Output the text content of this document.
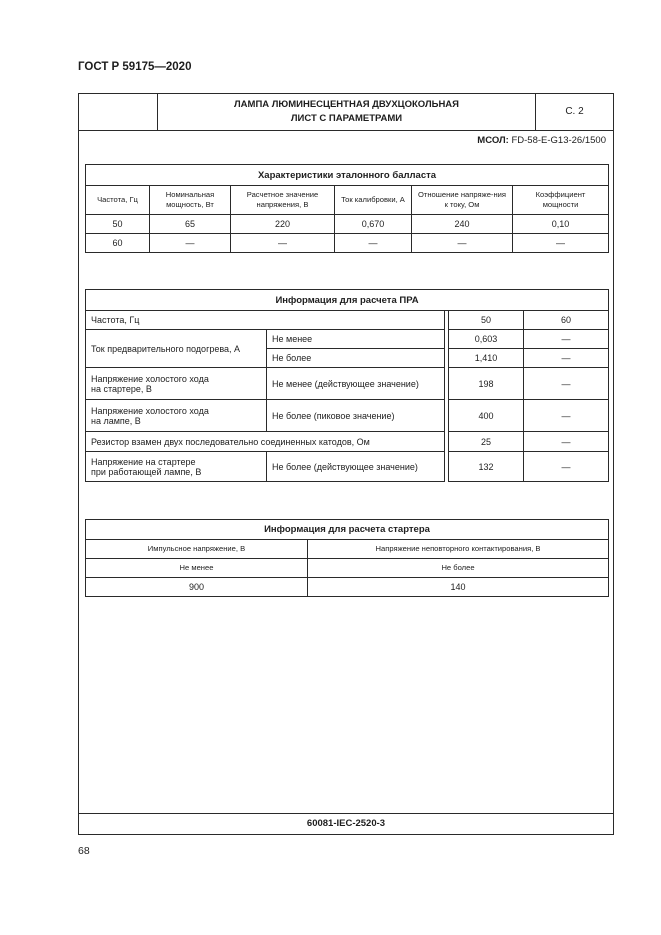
ГОСТ Р 59175—2020
ЛАМПА ЛЮМИНЕСЦЕНТНАЯ ДВУХЦОКОЛЬНАЯ
ЛИСТ С ПАРАМЕТРАМИ
С. 2
МСОЛ: FD-58-E-G13-26/1500
Характеристики эталонного балласта					
Частота, Гц	Номинальная мощность, Вт	Расчетное значение напряжения, В	Ток калибровки, А	Отношение напряже-ния к току, Ом	Коэффициент мощности
50	65	220	0,670	240	0,10
60	—	—	—	—	—
Информация для расчета ПРА				
Частота, Гц			50	60
Ток предварительного подогрева, А	Не менее		0,603	—
	Не более		1,410	—

Напряжение холостого хода
на стартере, В	Не менее (действующее значение)		198	—

Напряжение холостого хода
на лампе, В	Не более (пиковое значение)		400	—
Резистор взамен двух последовательно соединенных катодов, Ом			25	—

Напряжение на стартере
при работающей лампе, В	Не более (действующее значение)		132	—
Информация для расчета стартера	
Импульсное напряжение, В	Напряжение неповторного контактирования, В
Не менее	Не более
900	140
60081-IEC-2520-3
68
